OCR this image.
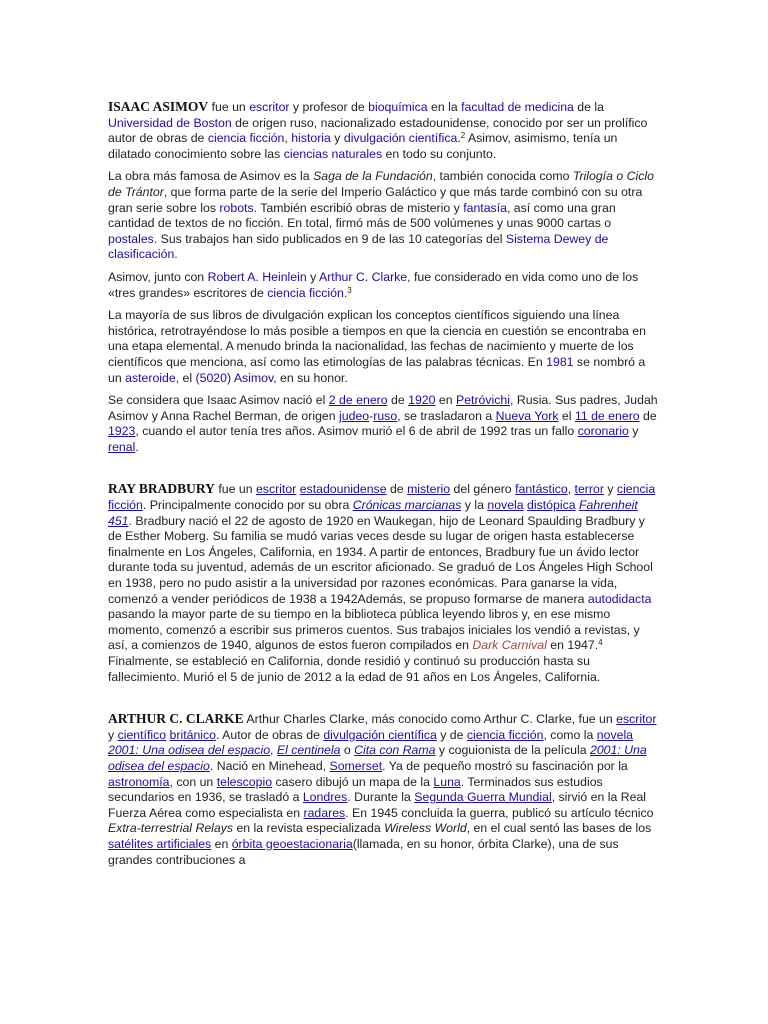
ISAAC ASIMOV fue un escritor y profesor de bioquímica en la facultad de medicina de la Universidad de Boston de origen ruso, nacionalizado estadounidense, conocido por ser un prolífico autor de obras de ciencia ficción, historia y divulgación científica.$^2$ Asimov, asimismo, tenía un dilatado conocimiento sobre las ciencias naturales en todo su conjunto.

La obra más famosa de Asimov es la Saga de la Fundación, también conocida como Trilogía o Ciclo de Trántor, que forma parte de la serie del Imperio Galáctico y que más tarde combinó con su otra gran serie sobre los robots. También escribió obras de misterio y fantasía, así como una gran cantidad de textos de no ficción. En total, firmó más de 500 volúmenes y unas 9000 cartas o postales. Sus trabajos han sido publicados en 9 de las 10 categorías del Sistema Dewey de clasificación.

Asimov, junto con Robert A. Heinlein y Arthur C. Clarke, fue considerado en vida como uno de los «tres grandes» escritores de ciencia ficción.$^3$

La mayoría de sus libros de divulgación explican los conceptos científicos siguiendo una línea histórica, retrotrayéndose lo más posible a tiempos en que la ciencia en cuestión se encontraba en una etapa elemental. A menudo brinda la nacionalidad, las fechas de nacimiento y muerte de los científicos que menciona, así como las etimologías de las palabras técnicas. En 1981 se nombró a un asteroide, el (5020) Asimov, en su honor.

Se considera que Isaac Asimov nació el 2 de enero de 1920 en Petróvichi, Rusia. Sus padres, Judah Asimov y Anna Rachel Berman, de origen judeo-ruso, se trasladaron a Nueva York el 11 de enero de 1923, cuando el autor tenía tres años. Asimov murió el 6 de abril de 1992 tras un fallo coronario y renal.

RAY BRADBURY fue un escritor estadounidense de misterio del género fantástico, terror y ciencia ficción. Principalmente conocido por su obra Crónicas marcianas y la novela distópica Fahrenheit 451. Bradbury nació el 22 de agosto de 1920 en Waukegan, hijo de Leonard Spaulding Bradbury y de Esther Moberg. Su familia se mudó varias veces desde su lugar de origen hasta establecerse finalmente en Los Ángeles, California, en 1934. A partir de entonces, Bradbury fue un ávido lector durante toda su juventud, además de un escritor aficionado. Se graduó de Los Ángeles High School en 1938, pero no pudo asistir a la universidad por razones económicas. Para ganarse la vida, comenzó a vender periódicos de 1938 a 1942Además, se propuso formarse de manera autodidacta pasando la mayor parte de su tiempo en la biblioteca pública leyendo libros y, en ese mismo momento, comenzó a escribir sus primeros cuentos. Sus trabajos iniciales los vendió a revistas, y así, a comienzos de 1940, algunos de estos fueron compilados en Dark Carnival en 1947.$^4$ Finalmente, se estableció en California, donde residió y continuó su producción hasta su fallecimiento. Murió el 5 de junio de 2012 a la edad de 91 años en Los Ángeles, California.

ARTHUR C. CLARKE Arthur Charles Clarke, más conocido como Arthur C. Clarke, fue un escritor y científico británico. Autor de obras de divulgación científica y de ciencia ficción, como la novela 2001: Una odisea del espacio, El centinela o Cita con Rama y coguionista de la película 2001: Una odisea del espacio. Nació en Minehead, Somerset. Ya de pequeño mostró su fascinación por la astronomía, con un telescopio casero dibujó un mapa de la Luna. Terminados sus estudios secundarios en 1936, se trasladó a Londres. Durante la Segunda Guerra Mundial, sirvió en la Real Fuerza Aérea como especialista en radares. En 1945 concluida la guerra, publicó su artículo técnico Extra-terrestrial Relays en la revista especializada Wireless World, en el cual sentó las bases de los satélites artificiales en órbita geoestacionaria(llamada, en su honor, órbita Clarke), una de sus grandes contribuciones a
